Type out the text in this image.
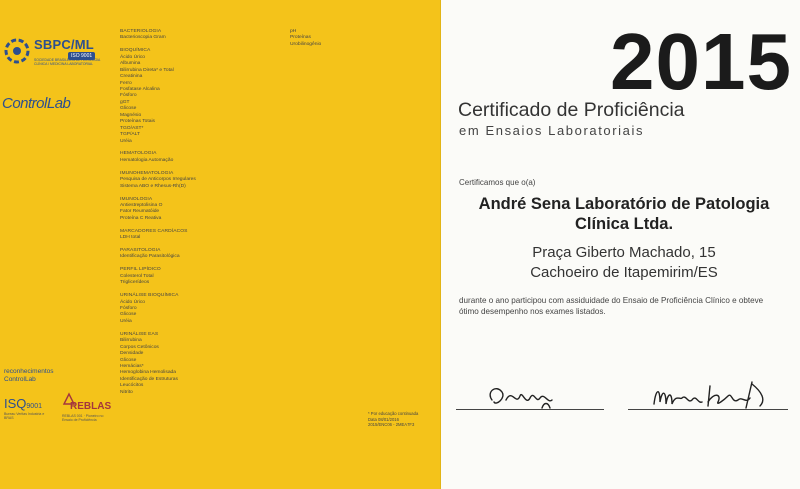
SBPC/ML
ISO 9001
SOCIEDADE BRASILEIRA DE PATOLOGIA CLÍNICA / MEDICINA LABORATORIAL
ControlLab
reconhecimentos
ControlLab
ISQ9001
Bureau Veritas Industria e BRAS
REBLAS
REBLAS 001 · Pioneiro no Ensaio de Proficiência
BACTERIOLOGIA
Bacterioscopia Gram
BIOQUÍMICA
Ácido Úrico
Albumina
Bilirrubina Direta* e Total
Creatinina
Ferro
Fosfatase Alcalina
Fósforo
gGT
Glicose
Magnésio
Proteínas Totais
TGO/AST*
TGP/ALT
Uréia
HEMATOLOGIA
Hematologia Automação
IMUNOHEMATOLOGIA
Pesquisa de Anticorpos Irregulares
Sistema ABO e Rhesus-Rh(D)
IMUNOLOGIA
Antiestreptolisina O
Fator Reumatóide
Proteína C Reativa
MARCADORES CARDÍACOS
LDH total
PARASITOLOGIA
Identificação Parasitológica
PERFIL LIPÍDICO
Colesterol Total
Triglicerídeos
URINÁLISE BIOQUÍMICA
Ácido Úrico
Fósforo
Glicose
Uréia
URINÁLISE EAS
Bilirrubina
Corpos Cetônicos
Densidade
Glicose
Hemácias*
Hemoglobina Hemolisada
Identificação de Estruturas
Leucócitos
Nitrito
pH
Proteínas
Urobilinogênio
* Por educação continuada
Data 08/01/2016
2015/ENC06 - 2MEA7F3
2015
Certificado de Proficiência
em Ensaios Laboratoriais
Certificamos que o(a)
André Sena Laboratório de Patologia
Clínica Ltda.
Praça Giberto Machado, 15
Cachoeiro de Itapemirim/ES
durante o ano participou com assiduidade do Ensaio de Proficiência Clínico e obteve ótimo desempenho nos exames listados.
